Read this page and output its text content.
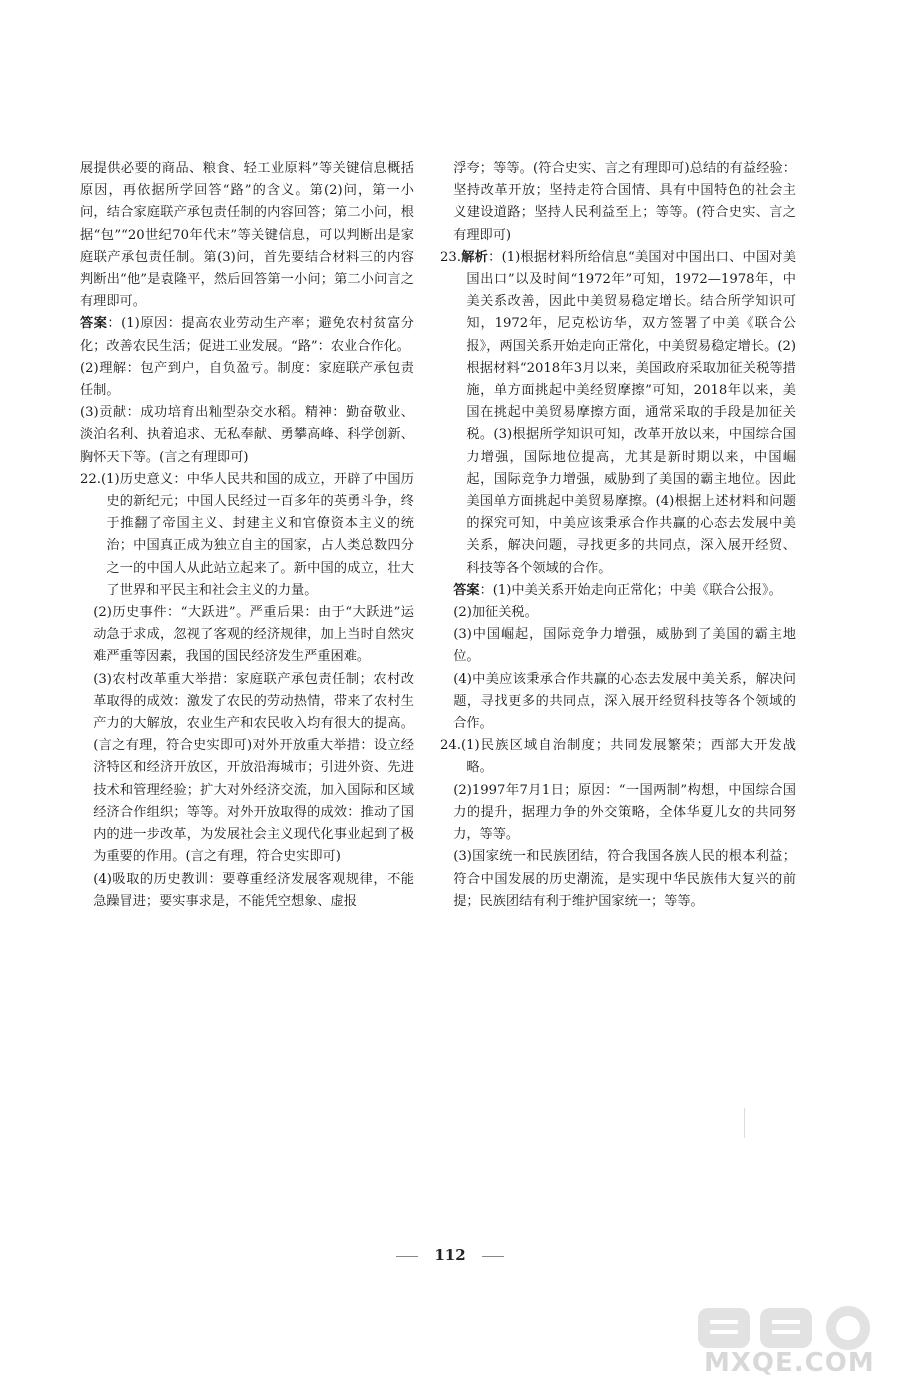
展提供必要的商品、粮食、轻工业原料”等关键信息概括原因，再依据所学回答“路”的含义。第(2)问，第一小问，结合家庭联产承包责任制的内容回答；第二小问，根据“包”“20世纪70年代末”等关键信息，可以判断出是家庭联产承包责任制。第(3)问，首先要结合材料三的内容判断出“他”是袁隆平，然后回答第一小问；第二小问言之有理即可。

答案：(1)原因：提高农业劳动生产率；避免农村贫富分化；改善农民生活；促进工业发展。“路”：农业合作化。

(2)理解：包产到户，自负盈亏。制度：家庭联产承包责任制。

(3)贡献：成功培育出籼型杂交水稻。精神：勤奋敬业、淡泊名利、执着追求、无私奉献、勇攀高峰、科学创新、胸怀天下等。(言之有理即可)

22.(1)历史意义：中华人民共和国的成立，开辟了中国历史的新纪元；中国人民经过一百多年的英勇斗争，终于推翻了帝国主义、封建主义和官僚资本主义的统治；中国真正成为独立自主的国家，占人类总数四分之一的中国人从此站立起来了。新中国的成立，壮大了世界和平民主和社会主义的力量。

(2)历史事件：“大跃进”。严重后果：由于“大跃进”运动急于求成，忽视了客观的经济规律，加上当时自然灾难严重等因素，我国的国民经济发生严重困难。

(3)农村改革重大举措：家庭联产承包责任制；农村改革取得的成效：激发了农民的劳动热情，带来了农村生产力的大解放，农业生产和农民收入均有很大的提高。(言之有理，符合史实即可)对外开放重大举措：设立经济特区和经济开放区，开放沿海城市；引进外资、先进技术和管理经验；扩大对外经济交流，加入国际和区域经济合作组织；等等。对外开放取得的成效：推动了国内的进一步改革，为发展社会主义现代化事业起到了极为重要的作用。(言之有理，符合史实即可)

(4)吸取的历史教训：要尊重经济发展客观规律，不能急躁冒进；要实事求是，不能凭空想象、虚报

浮夸；等等。(符合史实、言之有理即可)总结的有益经验：坚持改革开放；坚持走符合国情、具有中国特色的社会主义建设道路；坚持人民利益至上；等等。(符合史实、言之有理即可)

23.解析：(1)根据材料所给信息“美国对中国出口、中国对美国出口”以及时间“1972年”可知，1972—1978年，中美关系改善，因此中美贸易稳定增长。结合所学知识可知，1972年，尼克松访华，双方签署了中美《联合公报》，两国关系开始走向正常化，中美贸易稳定增长。(2)根据材料“2018年3月以来，美国政府采取加征关税等措施，单方面挑起中美经贸摩擦”可知，2018年以来，美国在挑起中美贸易摩擦方面，通常采取的手段是加征关税。(3)根据所学知识可知，改革开放以来，中国综合国力增强，国际地位提高，尤其是新时期以来，中国崛起，国际竞争力增强，威胁到了美国的霸主地位。因此美国单方面挑起中美贸易摩擦。(4)根据上述材料和问题的探究可知，中美应该秉承合作共赢的心态去发展中美关系，解决问题，寻找更多的共同点，深入展开经贸、科技等各个领域的合作。

答案：(1)中美关系开始走向正常化；中美《联合公报》。

(2)加征关税。

(3)中国崛起，国际竞争力增强，威胁到了美国的霸主地位。

(4)中美应该秉承合作共赢的心态去发展中美关系，解决问题，寻找更多的共同点，深入展开经贸科技等各个领域的合作。

24.(1)民族区域自治制度；共同发展繁荣；西部大开发战略。

(2)1997年7月1日；原因：“一国两制”构想，中国综合国力的提升，据理力争的外交策略，全体华夏儿女的共同努力，等等。

(3)国家统一和民族团结，符合我国各族人民的根本利益；符合中国发展的历史潮流，是实现中华民族伟大复兴的前提；民族团结有利于维护国家统一；等等。

112
MXQE.COM
